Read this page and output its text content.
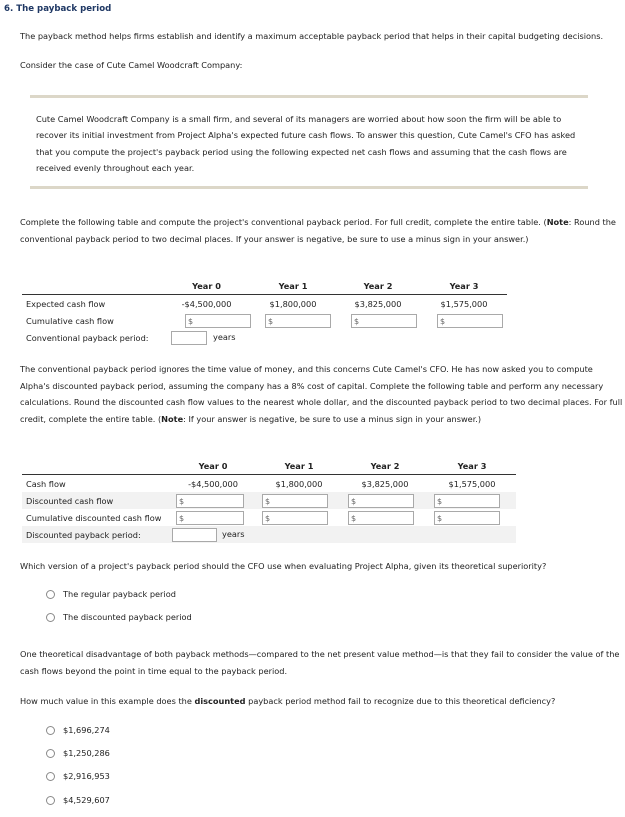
6. The payback period
The payback method helps firms establish and identify a maximum acceptable payback period that helps in their capital budgeting decisions.
Consider the case of Cute Camel Woodcraft Company:
Cute Camel Woodcraft Company is a small firm, and several of its managers are worried about how soon the firm will be able to recover its initial investment from Project Alpha's expected future cash flows. To answer this question, Cute Camel's CFO has asked that you compute the project's payback period using the following expected net cash flows and assuming that the cash flows are received evenly throughout each year.
Complete the following table and compute the project's conventional payback period. For full credit, complete the entire table. (Note: Round the conventional payback period to two decimal places. If your answer is negative, be sure to use a minus sign in your answer.)
	Year 0	Year 1	Year 2	Year 3
Expected cash flow	-$4,500,000	$1,800,000	$3,825,000	$1,575,000
Cumulative cash flow	$	$	$	$

Conventional payback period:	years			
The conventional payback period ignores the time value of money, and this concerns Cute Camel's CFO. He has now asked you to compute Alpha's discounted payback period, assuming the company has a 8% cost of capital. Complete the following table and perform any necessary calculations. Round the discounted cash flow values to the nearest whole dollar, and the discounted payback period to two decimal places. For full credit, complete the entire table. (Note: If your answer is negative, be sure to use a minus sign in your answer.)
	Year 0	Year 1	Year 2	Year 3
Cash flow	-$4,500,000	$1,800,000	$3,825,000	$1,575,000
Discounted cash flow	$	$	$	$

Cumulative discounted cash flow	$	$	$	$

Discounted payback period:	years			
Which version of a project's payback period should the CFO use when evaluating Project Alpha, given its theoretical superiority?
The regular payback period
The discounted payback period
One theoretical disadvantage of both payback methods—compared to the net present value method—is that they fail to consider the value of the cash flows beyond the point in time equal to the payback period.
How much value in this example does the discounted payback period method fail to recognize due to this theoretical deficiency?
$1,696,274
$1,250,286
$2,916,953
$4,529,607
